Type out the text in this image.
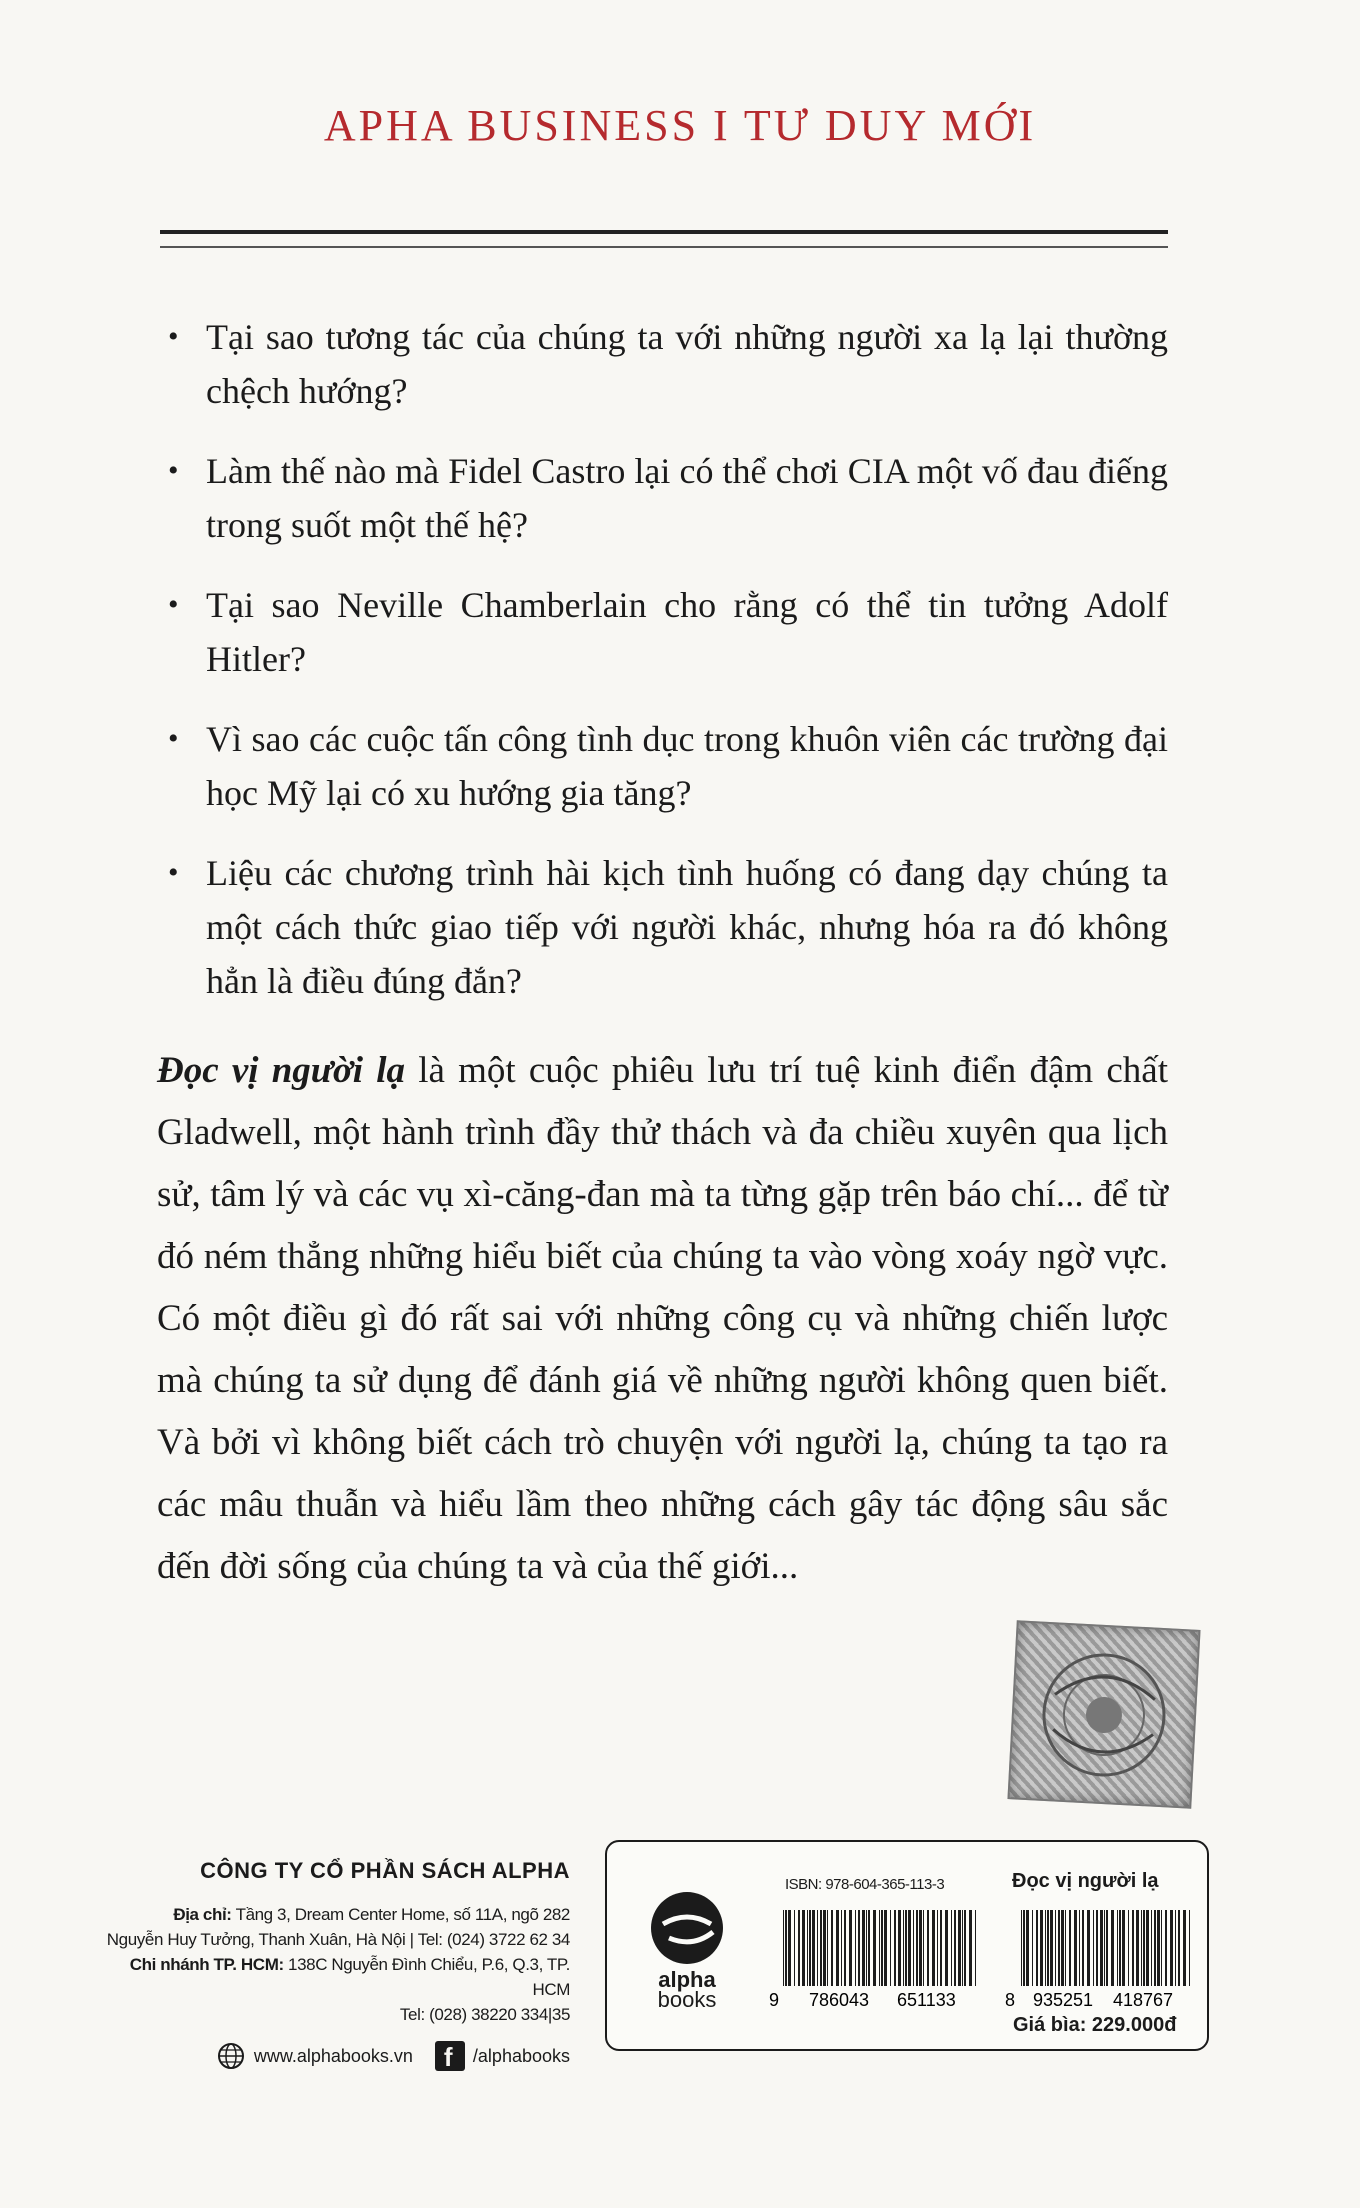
APHA BUSINESS I TƯ DUY MỚI
• Tại sao tương tác của chúng ta với những người xa lạ lại thường chệch hướng?
• Làm thế nào mà Fidel Castro lại có thể chơi CIA một vố đau điếng trong suốt một thế hệ?
• Tại sao Neville Chamberlain cho rằng có thể tin tưởng Adolf Hitler?
• Vì sao các cuộc tấn công tình dục trong khuôn viên các trường đại học Mỹ lại có xu hướng gia tăng?
• Liệu các chương trình hài kịch tình huống có đang dạy chúng ta một cách thức giao tiếp với người khác, nhưng hóa ra đó không hẳn là điều đúng đắn?

Đọc vị người lạ là một cuộc phiêu lưu trí tuệ kinh điển đậm chất Gladwell, một hành trình đầy thử thách và đa chiều xuyên qua lịch sử, tâm lý và các vụ xì-căng-đan mà ta từng gặp trên báo chí... để từ đó ném thẳng những hiểu biết của chúng ta vào vòng xoáy ngờ vực. Có một điều gì đó rất sai với những công cụ và những chiến lược mà chúng ta sử dụng để đánh giá về những người không quen biết. Và bởi vì không biết cách trò chuyện với người lạ, chúng ta tạo ra các mâu thuẫn và hiểu lầm theo những cách gây tác động sâu sắc đến đời sống của chúng ta và của thế giới...

CÔNG TY CỔ PHẦN SÁCH ALPHA
Địa chỉ: Tầng 3, Dream Center Home, số 11A, ngõ 282
Nguyễn Huy Tưởng, Thanh Xuân, Hà Nội | Tel: (024) 3722 62 34
Chi nhánh TP. HCM: 138C Nguyễn Đình Chiểu, P.6, Q.3, TP. HCM
Tel: (028) 38220 334|35
www.alphabooks.vn f /alphabooks
alpha
books
ISBN: 978-604-365-113-3	Đọc vị người lạ
9 786043 651133	8 935251 418767
Giá bìa: 229.000đ
